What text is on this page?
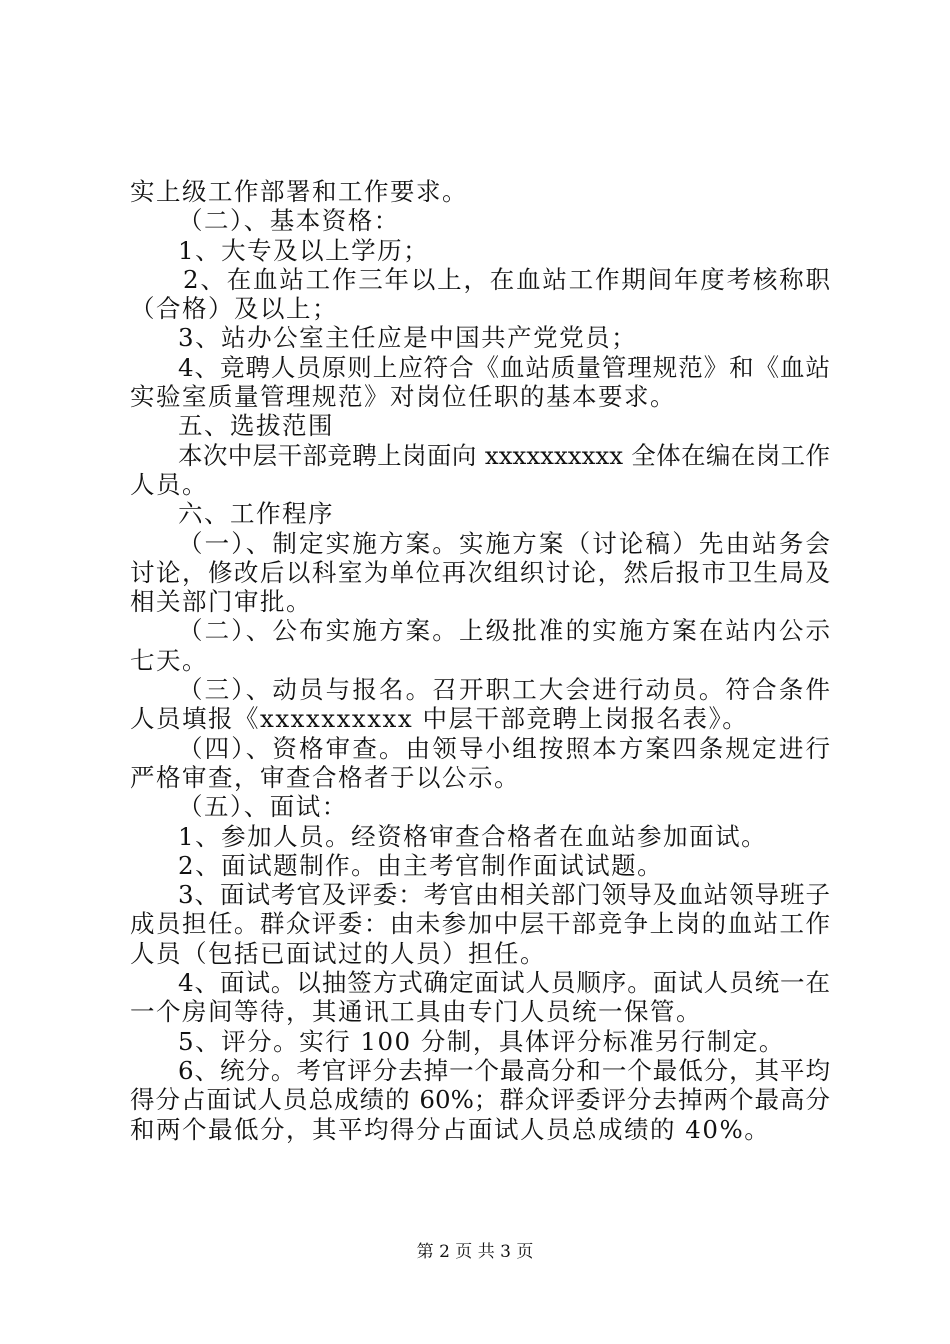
实上级工作部署和工作要求。
（二）、基本资格：
1、大专及以上学历；
2、在血站工作三年以上，在血站工作期间年度考核称职
（合格）及以上；
3、站办公室主任应是中国共产党党员；
4、竞聘人员原则上应符合《血站质量管理规范》和《血站
实验室质量管理规范》对岗位任职的基本要求。
五、选拔范围
本次中层干部竞聘上岗面向 xxxxxxxxxx 全体在编在岗工作
人员。
六、工作程序
（一）、制定实施方案。实施方案（讨论稿）先由站务会
讨论，修改后以科室为单位再次组织讨论，然后报市卫生局及
相关部门审批。
（二）、公布实施方案。上级批准的实施方案在站内公示
七天。
（三）、动员与报名。召开职工大会进行动员。符合条件
人员填报《xxxxxxxxxx 中层干部竞聘上岗报名表》。
（四）、资格审查。由领导小组按照本方案四条规定进行
严格审查，审查合格者于以公示。
（五）、面试：
1、参加人员。经资格审查合格者在血站参加面试。
2、面试题制作。由主考官制作面试试题。
3、面试考官及评委：考官由相关部门领导及血站领导班子
成员担任。群众评委：由未参加中层干部竞争上岗的血站工作
人员（包括已面试过的人员）担任。
4、面试。以抽签方式确定面试人员顺序。面试人员统一在
一个房间等待，其通讯工具由专门人员统一保管。
5、评分。实行 100 分制，具体评分标准另行制定。
6、统分。考官评分去掉一个最高分和一个最低分，其平均
得分占面试人员总成绩的 60%；群众评委评分去掉两个最高分
和两个最低分，其平均得分占面试人员总成绩的 40%。
第 2 页 共 3 页
